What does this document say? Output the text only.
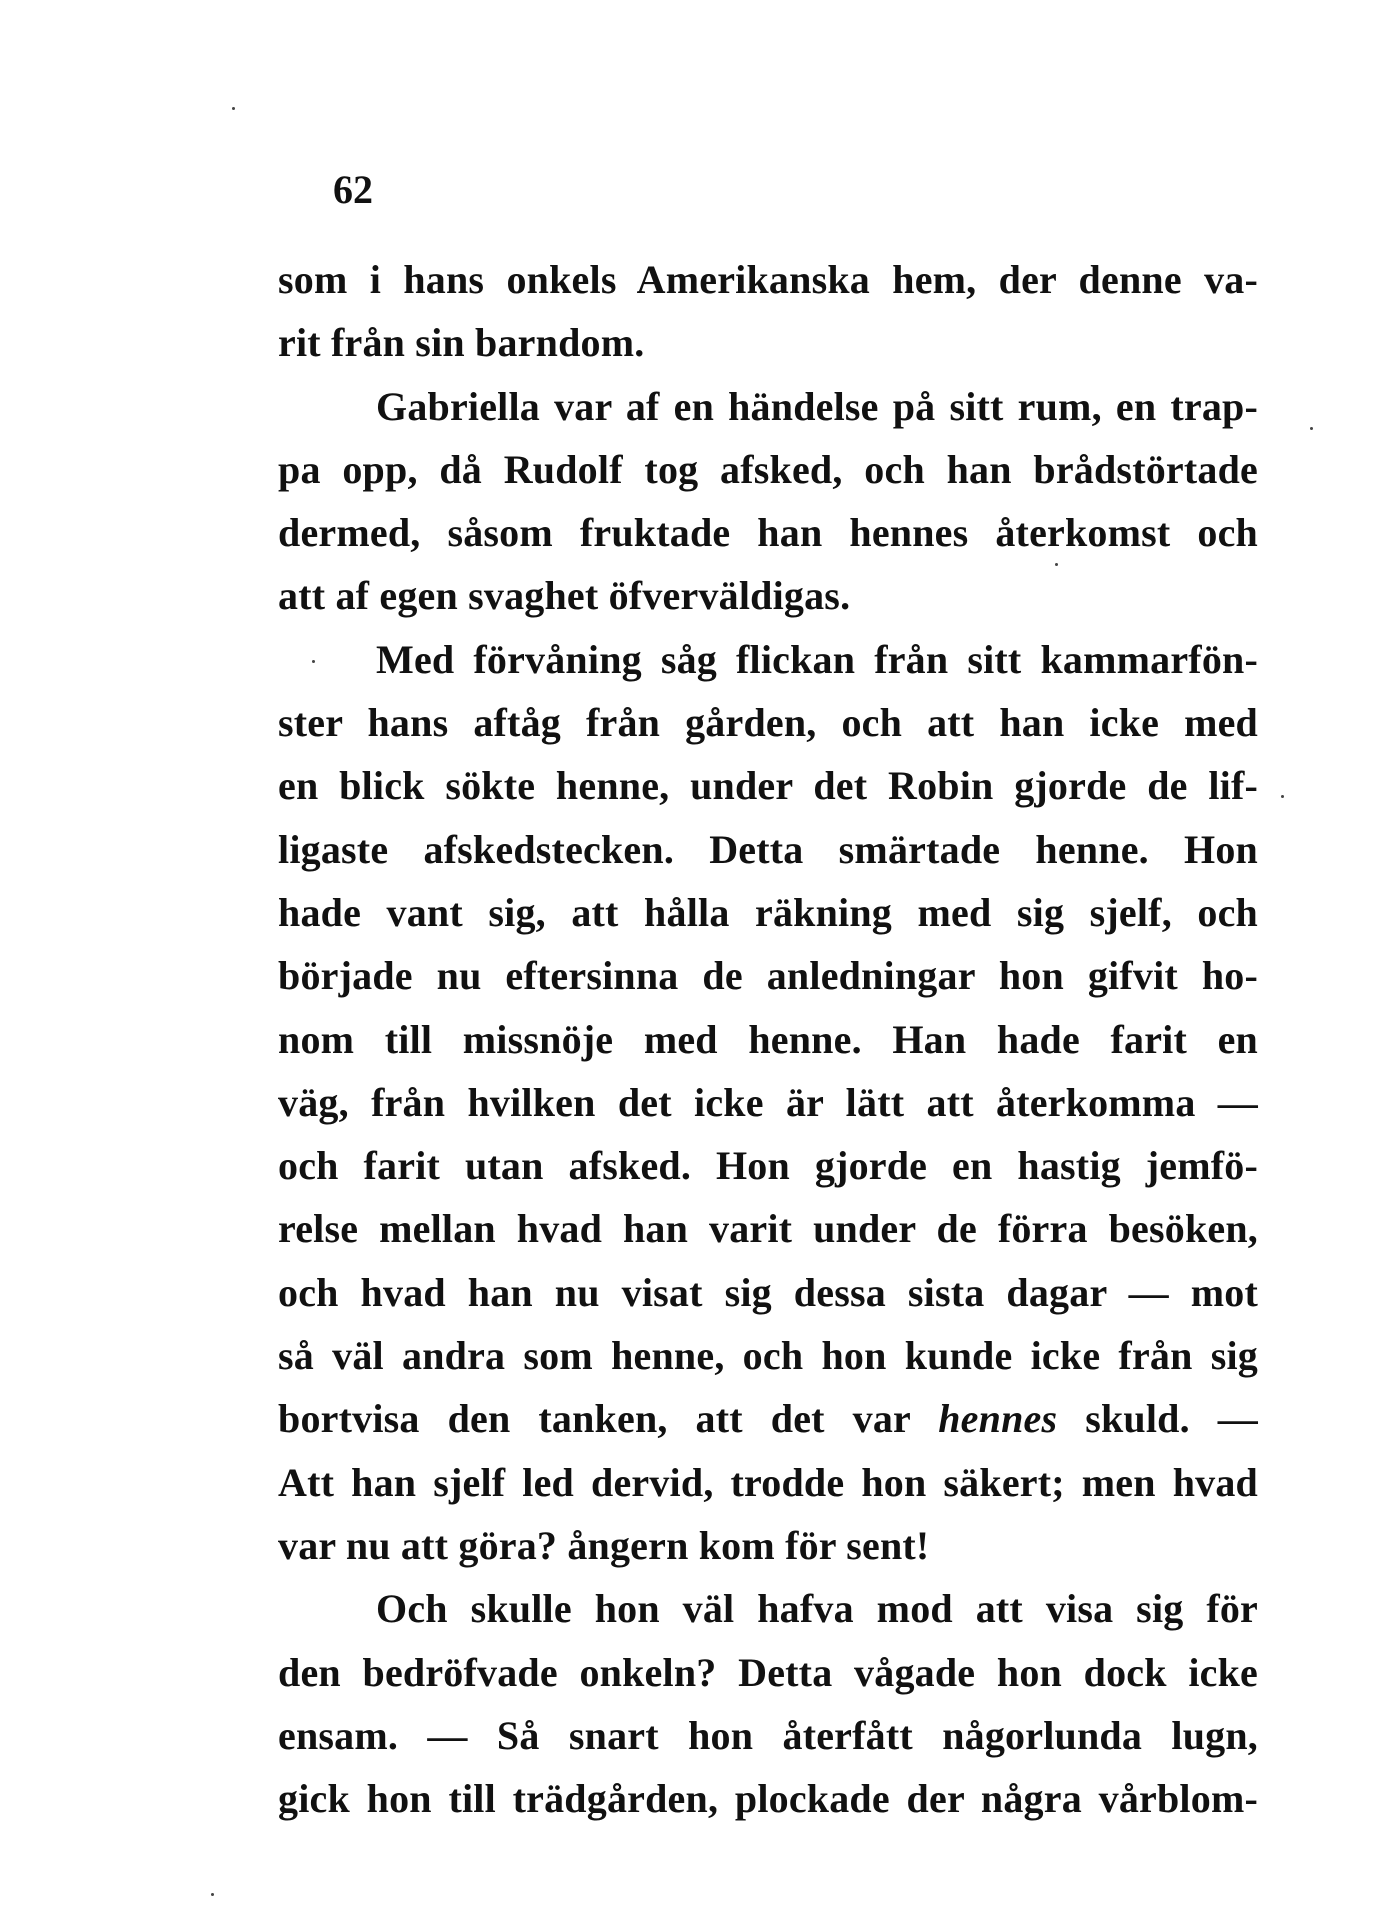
62
som i hans onkels Amerikanska hem, der denne va-
rit från sin barndom.
Gabriella var af en händelse på sitt rum, en trap-
pa opp, då Rudolf tog afsked, och han brådstörtade
dermed, såsom fruktade han hennes återkomst och
att af egen svaghet öfverväldigas.
Med förvåning såg flickan från sitt kammarfön-
ster hans aftåg från gården, och att han icke med
en blick sökte henne, under det Robin gjorde de lif-
ligaste afskedstecken. Detta smärtade henne. Hon
hade vant sig, att hålla räkning med sig sjelf, och
började nu eftersinna de anledningar hon gifvit ho-
nom till missnöje med henne. Han hade farit en
väg, från hvilken det icke är lätt att återkomma —
och farit utan afsked. Hon gjorde en hastig jemfö-
relse mellan hvad han varit under de förra besöken,
och hvad han nu visat sig dessa sista dagar — mot
så väl andra som henne, och hon kunde icke från sig
bortvisa den tanken, att det var hennes skuld. —
Att han sjelf led dervid, trodde hon säkert; men hvad
var nu att göra? ångern kom för sent!
Och skulle hon väl hafva mod att visa sig för
den bedröfvade onkeln? Detta vågade hon dock icke
ensam. — Så snart hon återfått någorlunda lugn,
gick hon till trädgården, plockade der några vårblom-
